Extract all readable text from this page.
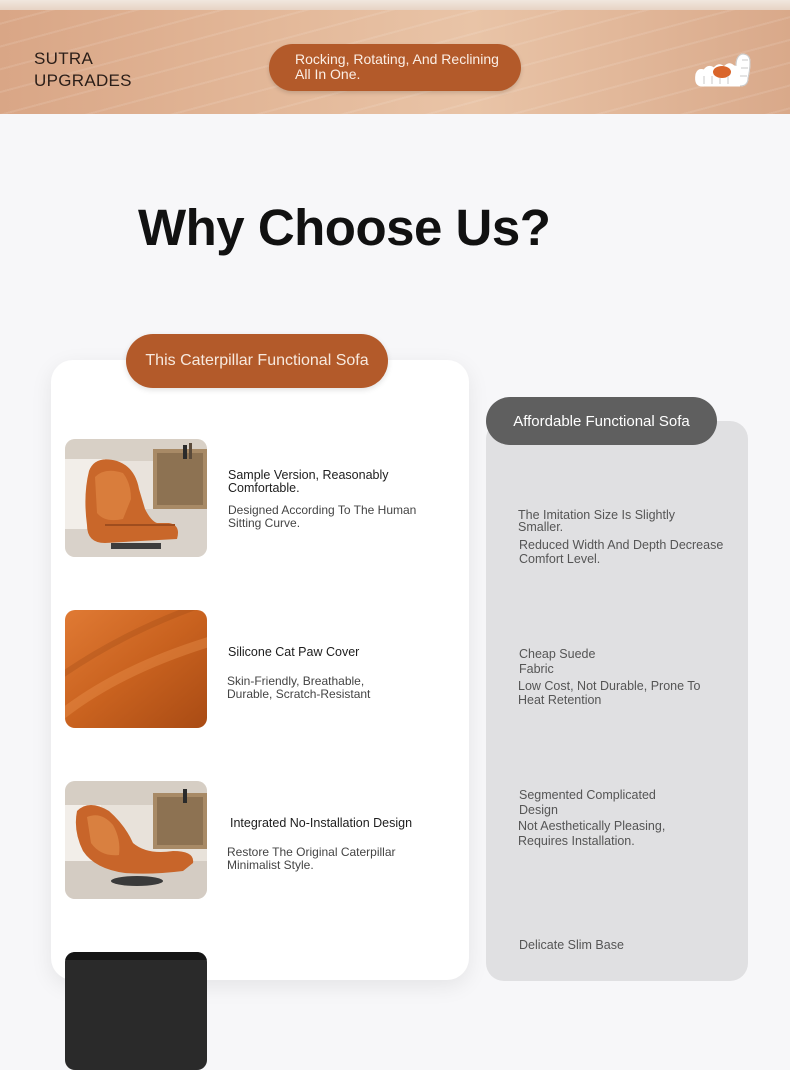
SUTRA
UPGRADES
Rocking, Rotating, And Reclining All In One.
Why Choose Us?
Affordable Functional Sofa
The Imitation Size Is Slightly Smaller.
Reduced Width And Depth Decrease Comfort Level.
Cheap Suede Fabric
Low Cost, Not Durable, Prone To Heat Retention
Segmented Complicated Design
Not Aesthetically Pleasing, Requires Installation.
Delicate Slim Base
This Caterpillar Functional Sofa
Sample Version, Reasonably Comfortable.
Designed According To The Human Sitting Curve.
Silicone Cat Paw Cover
Skin-Friendly, Breathable, Durable, Scratch-Resistant
Integrated No-Installation Design
Restore The Original Caterpillar Minimalist Style.
